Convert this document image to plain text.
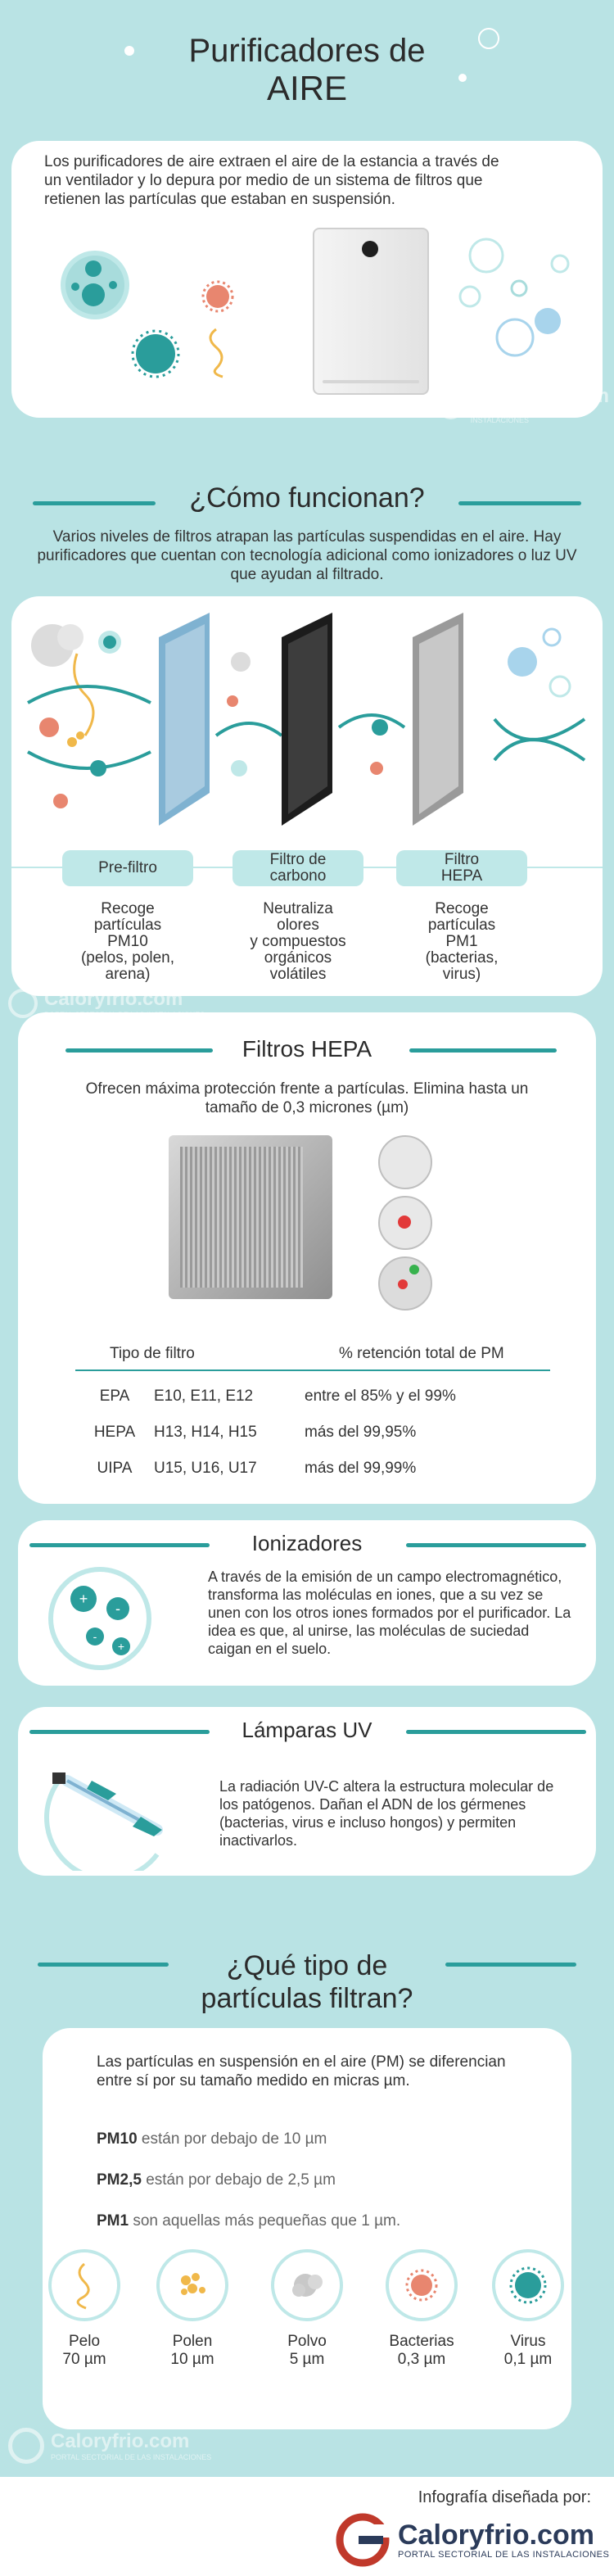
Purificadores de
AIRE
Los purificadores de aire extraen el aire de la estancia a través de un ventilador y lo depura por medio de un sistema de filtros que retienen las partículas que estaban en suspensión.
Caloryfrio.com
PORTAL SECTORIAL DE LAS INSTALACIONES
¿Cómo funcionan?
Varios niveles de filtros atrapan las partículas suspendidas en el aire. Hay purificadores que cuentan con tecnología adicional como ionizadores o luz UV que ayudan al filtrado.
Pre-filtro	Filtro de
carbono
Filtro
HEPA
Recoge
partículas
PM10
(pelos, polen,
arena)
Neutraliza
olores
y compuestos
orgánicos
volátiles
Recoge
partículas
PM1
(bacterias,
virus)
Caloryfrio.com
Filtros HEPA
Ofrecen máxima protección frente a partículas. Elimina hasta un tamaño de 0,3 micrones (µm)
Tipo de filtro	% retención total de PM
EPA	E10, E11, E12	entre el 85% y el 99%
HEPA	H13, H14, H15	más del 99,95%
UIPA	U15, U16, U17	más del 99,99%
Ionizadores
+
-
-
+
A través de la emisión de un campo electromagnético, transforma las moléculas en iones, que a su vez se unen con los otros iones formados por el purificador. La idea es que, al unirse, las moléculas de suciedad caigan en el suelo.
Lámparas UV
La radiación UV-C altera la estructura molecular de los patógenos. Dañan el ADN de los gérmenes (bacterias, virus e incluso hongos) y permiten inactivarlos.
¿Qué tipo de
partículas filtran?
Las partículas en suspensión en el aire (PM) se diferencian entre sí por su tamaño medido en micras µm.
PM10 están por debajo de 10 µm
PM2,5 están por debajo de 2,5 µm
PM1 son aquellas más pequeñas que 1 µm.
Pelo
70 µm
Polen
10 µm
Polvo
5 µm
Bacterias
0,3 µm
Virus
0,1 µm
Caloryfrio.com
PORTAL SECTORIAL DE LAS INSTALACIONES
Infografía diseñada por:
Caloryfrio.com
PORTAL SECTORIAL DE LAS INSTALACIONES
